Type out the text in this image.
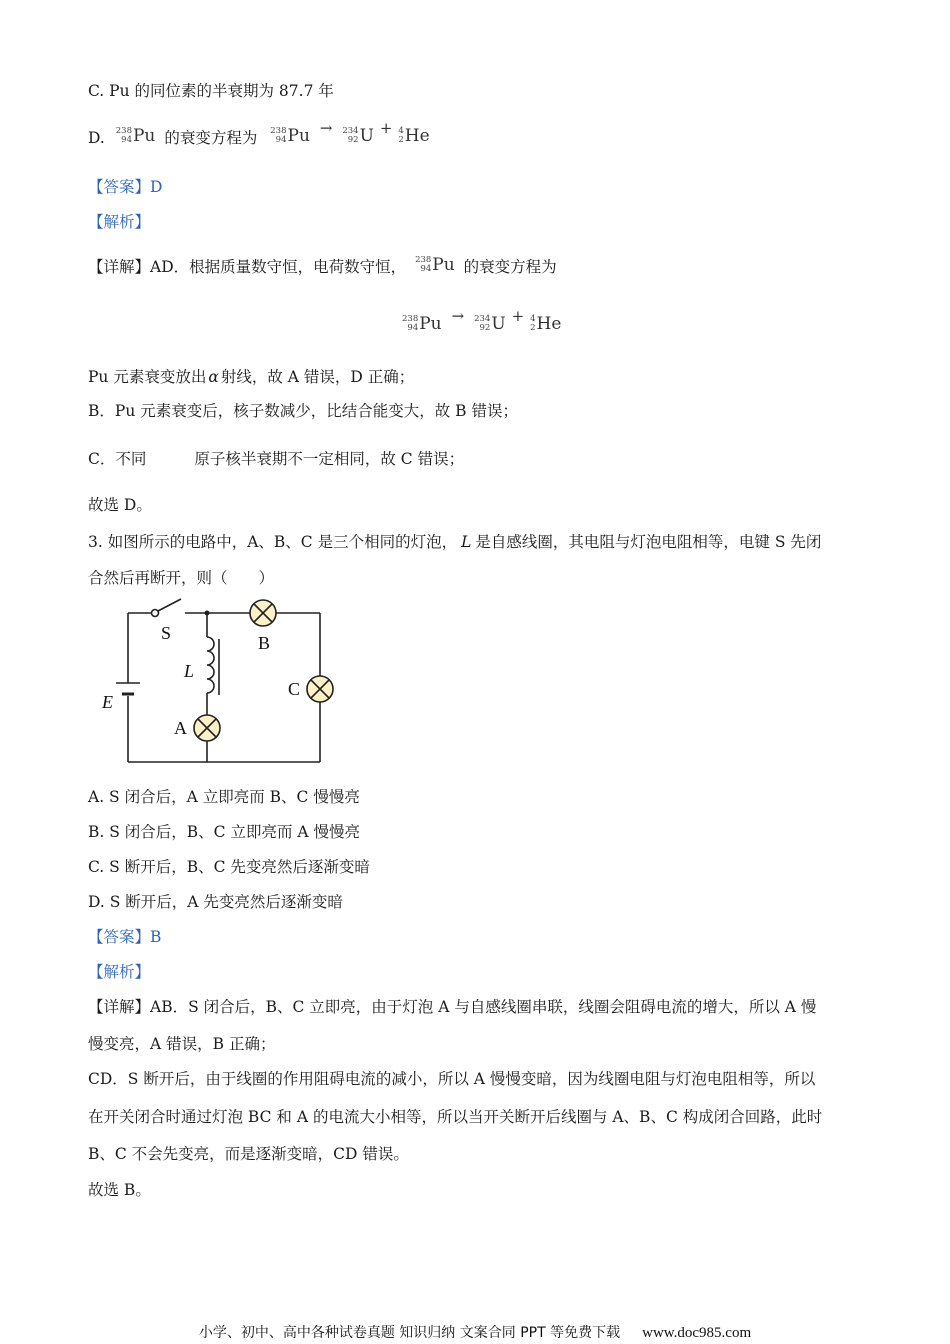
C. Pu 的同位素的半衰期为 87.7 年
D. 238
94 Pu 的衰变方程为 238
94 Pu → 234
92 U + 4
2 He
【答案】D
【解析】
【详解】AD．根据质量数守恒，电荷数守恒， 238
94 Pu 的衰变方程为
238
94 Pu → 234
92 U + 4
2 He
Pu 元素衰变放出 α 射线，故 A 错误，D 正确；
B．Pu 元素衰变后，核子数减少，比结合能变大，故 B 错误；
C．不同	原子核半衰期不一定相同，故 C 错误；
故选 D。
3. 如图所示的电路中，A、B、C 是三个相同的灯泡， L 是自感线圈，其电阻与灯泡电阻相等，电键 S 先闭
合然后再断开，则（　　）
S	B
L
E
C
A
A. S 闭合后，A 立即亮而 B、C 慢慢亮
B. S 闭合后，B、C 立即亮而 A 慢慢亮
C. S 断开后，B、C 先变亮然后逐渐变暗
D. S 断开后，A 先变亮然后逐渐变暗
【答案】B
【解析】
【详解】AB．S 闭合后，B、C 立即亮，由于灯泡 A 与自感线圈串联，线圈会阻碍电流的增大，所以 A 慢
慢变亮，A 错误，B 正确；
CD．S 断开后，由于线圈的作用阻碍电流的减小，所以 A 慢慢变暗，因为线圈电阻与灯泡电阻相等，所以
在开关闭合时通过灯泡 BC 和 A 的电流大小相等，所以当开关断开后线圈与 A、B、C 构成闭合回路，此时
B、C 不会先变亮，而是逐渐变暗，CD 错误。
故选 B。
小学、初中、高中各种试卷真题 知识归纳 文案合同 PPT 等免费下载 www.doc985.com
